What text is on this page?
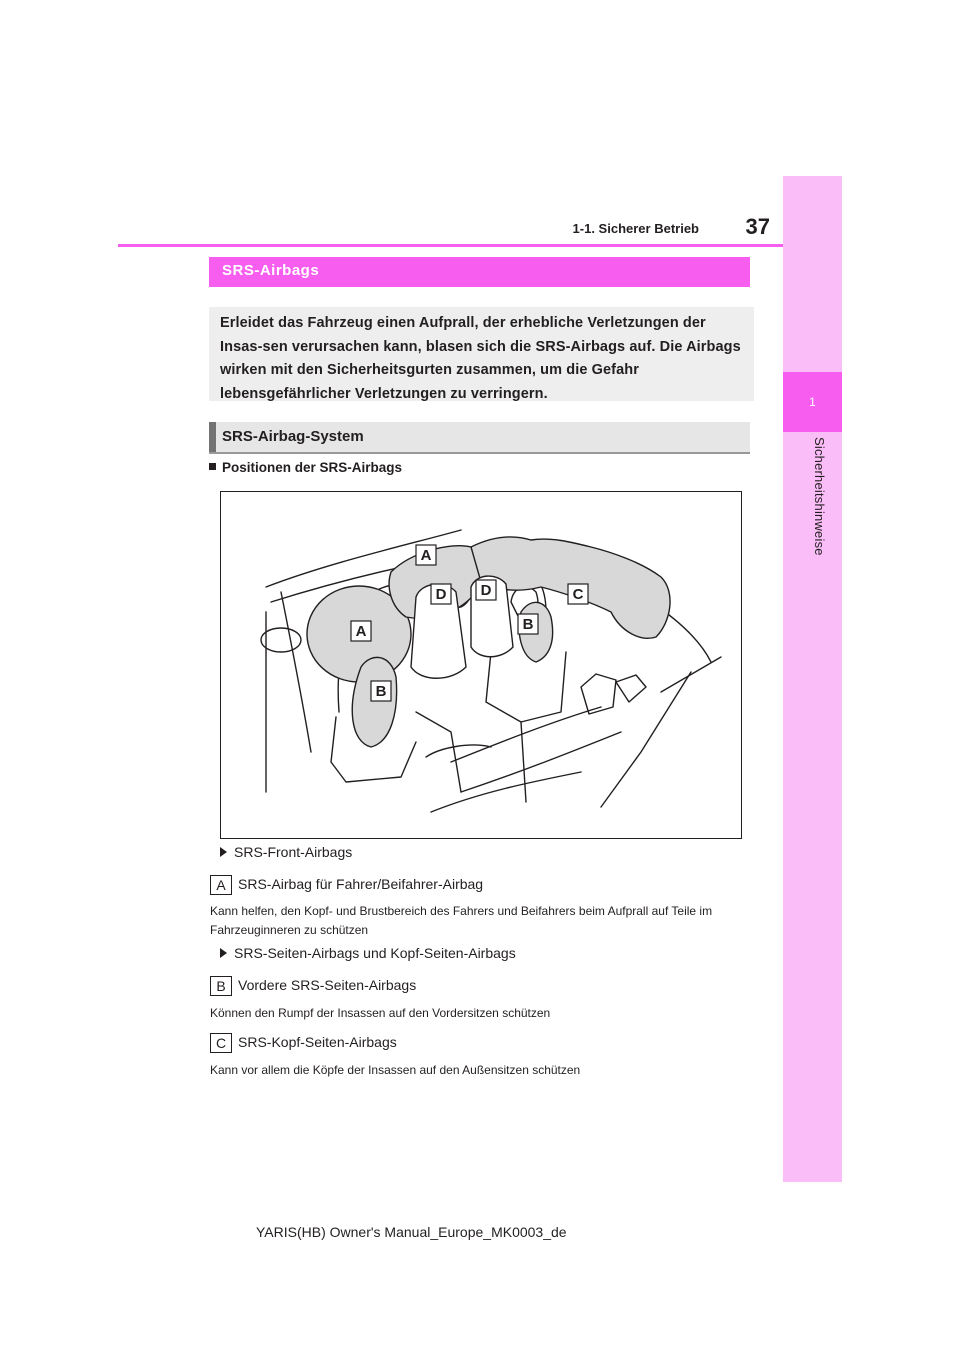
1
Sicherheitshinweise
1-1. Sicherer Betrieb	37
SRS-Airbags
Erleidet das Fahrzeug einen Aufprall, der erhebliche Verletzungen der Insas-sen verursachen kann, blasen sich die SRS-Airbags auf. Die Airbags wirken mit den Sicherheitsgurten zusammen, um die Gefahr lebensgefährlicher Verletzungen zu verringern.
SRS-Airbag-System
Positionen der SRS-Airbags
A
D D	C
A	B
B
SRS-Front-Airbags
A SRS-Airbag für Fahrer/Beifahrer-Airbag
Kann helfen, den Kopf- und Brustbereich des Fahrers und Beifahrers beim Aufprall auf Teile im Fahrzeuginneren zu schützen
SRS-Seiten-Airbags und Kopf-Seiten-Airbags
B Vordere SRS-Seiten-Airbags
Können den Rumpf der Insassen auf den Vordersitzen schützen
C SRS-Kopf-Seiten-Airbags
Kann vor allem die Köpfe der Insassen auf den Außensitzen schützen
YARIS(HB) Owner's Manual_Europe_MK0003_de
